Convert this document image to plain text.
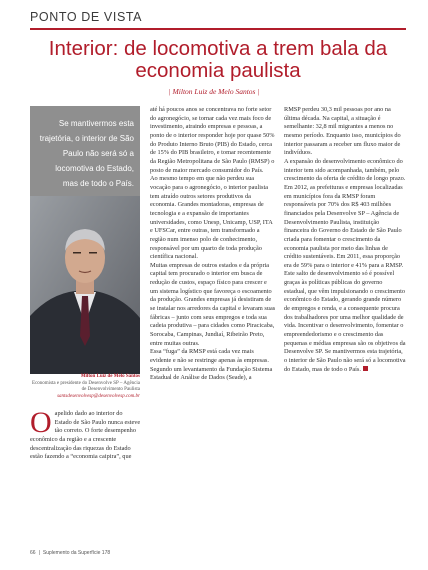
PONTO DE VISTA
Interior: de locomotiva a trem bala da
economia paulista
| Milton Luiz de Melo Santos |
Se mantivermos esta trajetória, o interior de São Paulo não será só a locomotiva do Estado, mas de todo o País.
Milton Luiz de Melo Santos
Economista e presidente do Desenvolve SP – Agência de Desenvolvimento Paulista
santsdesenvolvesp@desenvolvesp.com.br

Oapelido dado ao interior do Estado de São Paulo nunca esteve tão correto. O forte desempenho econômico da região e a crescente descentralização das riquezas do Estado estão fazendo a “economia caipira”, que

até há poucos anos se concentrava no forte setor do agronegócio, se tornar cada vez mais foco de investimento, atraindo empresas e pessoas, a ponto de o interior responder hoje por quase 50% do Produto Interno Bruto (PIB) do Estado, cerca de 15% do PIB brasileiro, e tomar recentemente da Região Metropolitana de São Paulo (RMSP) o posto de maior mercado consumidor do País.

Ao mesmo tempo em que não perdeu sua vocação para o agronegócio, o interior paulista tem atraído outros setores produtivos da economia. Grandes montadoras, empresas de tecnologia e a expansão de importantes universidades, como Unesp, Unicamp, USP, ITA e UFSCar, entre outras, tem transformado a região num imenso polo de conhecimento, responsável por um quarto de toda produção científica nacional.

Muitas empresas de outros estados e da própria capital tem procurado o interior em busca de redução de custos, espaço físico para crescer e um sistema logístico que favoreça o escoamento da produção. Grandes empresas já desistiram de se instalar nos arredores da capital e levaram suas fábricas – junto com seus empregos e toda sua cadeia produtiva – para cidades como Piracicaba, Sorocaba, Campinas, Jundiaí, Ribeirão Preto, entre muitas outras.

Essa “fuga” da RMSP está cada vez mais evidente e não se restringe apenas às empresas. Segundo um levantamento da Fundação Sistema Estadual de Análise de Dados (Seade), a

RMSP perdeu 30,3 mil pessoas por ano na última década. Na capital, a situação é semelhante: 32,8 mil migrantes a menos no mesmo período. Enquanto isso, municípios do interior passaram a receber um fluxo maior de indivíduos.

A expansão do desenvolvimento econômico do interior tem sido acompanhada, também, pelo crescimento da oferta de crédito de longo prazo. Em 2012, as prefeituras e empresas localizadas em municípios fora da RMSP foram responsáveis por 70% dos R$ 403 milhões financiados pela Desenvolve SP – Agência de Desenvolvimento Paulista, instituição financeira do Governo do Estado de São Paulo criada para fomentar o crescimento da economia paulista por meio das linhas de crédito sustentáveis. Em 2011, essa proporção era de 59% para o interior e 41% para a RMSP.

Este salto de desenvolvimento só é possível graças às políticas públicas do governo estadual, que vêm impulsionando o crescimento econômico do Estado, gerando grande número de empregos e renda, e a consequente procura dos trabalhadores por uma melhor qualidade de vida. Incentivar o desenvolvimento, fomentar o empreendedorismo e o crescimento das pequenas e médias empresas são os objetivos da Desenvolve SP. Se mantivermos esta trajetória, o interior de São Paulo não será só a locomotiva do Estado, mas de todo o País.

66 | Suplemento da Superfície 178
